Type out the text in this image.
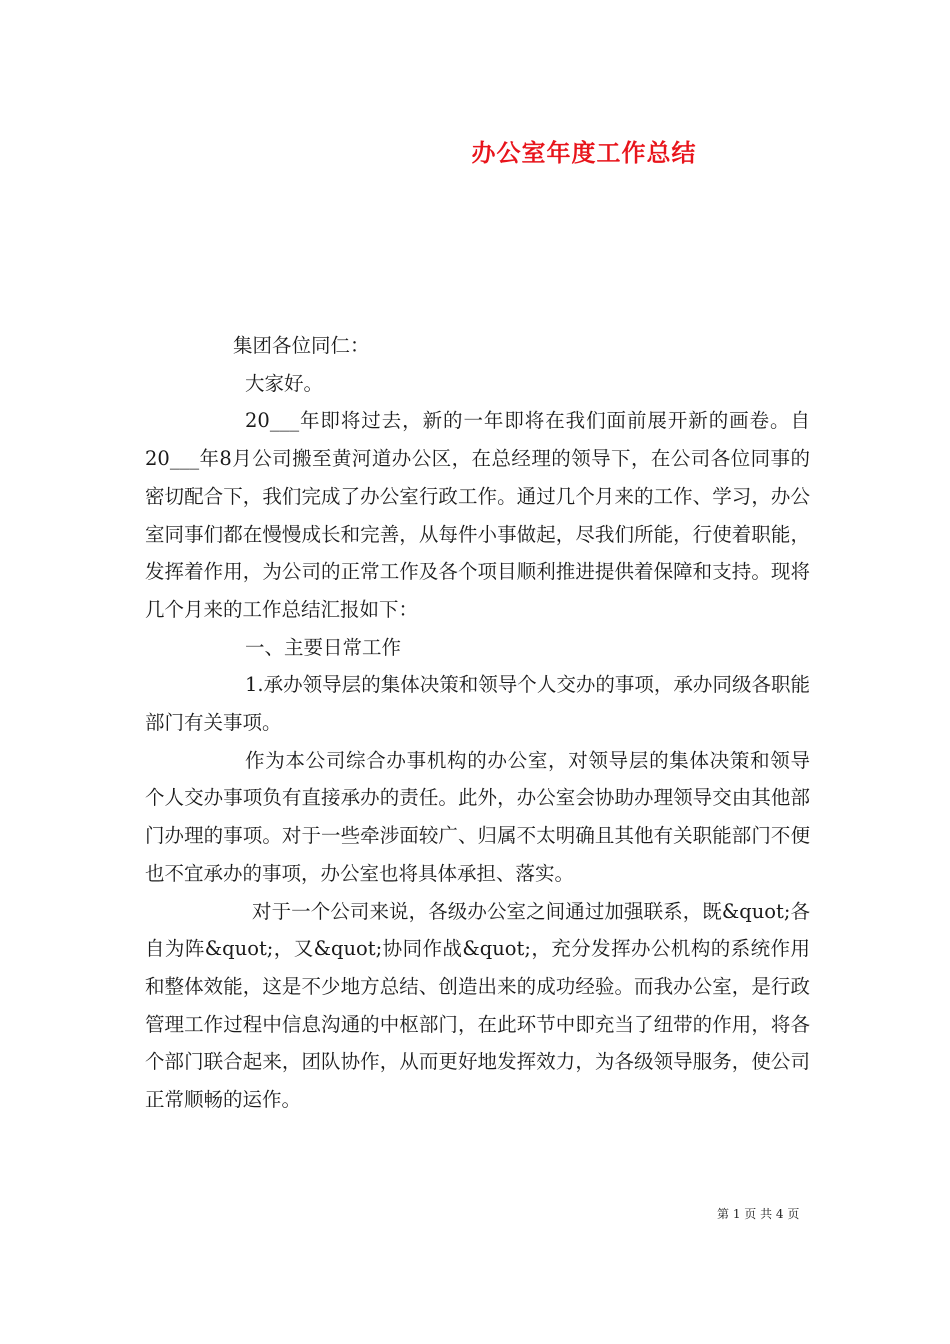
办公室年度工作总结

集团各位同仁：

大家好。

20___年即将过去，新的一年即将在我们面前展开新的画卷。自20___年8月公司搬至黄河道办公区，在总经理的领导下，在公司各位同事的密切配合下，我们完成了办公室行政工作。通过几个月来的工作、学习，办公室同事们都在慢慢成长和完善，从每件小事做起，尽我们所能，行使着职能，发挥着作用，为公司的正常工作及各个项目顺利推进提供着保障和支持。现将几个月来的工作总结汇报如下：

一、主要日常工作

1.承办领导层的集体决策和领导个人交办的事项，承办同级各职能部门有关事项。

作为本公司综合办事机构的办公室，对领导层的集体决策和领导个人交办事项负有直接承办的责任。此外，办公室会协助办理领导交由其他部门办理的事项。对于一些牵涉面较广、归属不太明确且其他有关职能部门不便也不宜承办的事项，办公室也将具体承担、落实。

对于一个公司来说，各级办公室之间通过加强联系，既&quot;各自为阵&quot;，又&quot;协同作战&quot;，充分发挥办公机构的系统作用和整体效能，这是不少地方总结、创造出来的成功经验。而我办公室，是行政管理工作过程中信息沟通的中枢部门，在此环节中即充当了纽带的作用，将各个部门联合起来，团队协作，从而更好地发挥效力，为各级领导服务，使公司正常顺畅的运作。

第 1 页 共 4 页
